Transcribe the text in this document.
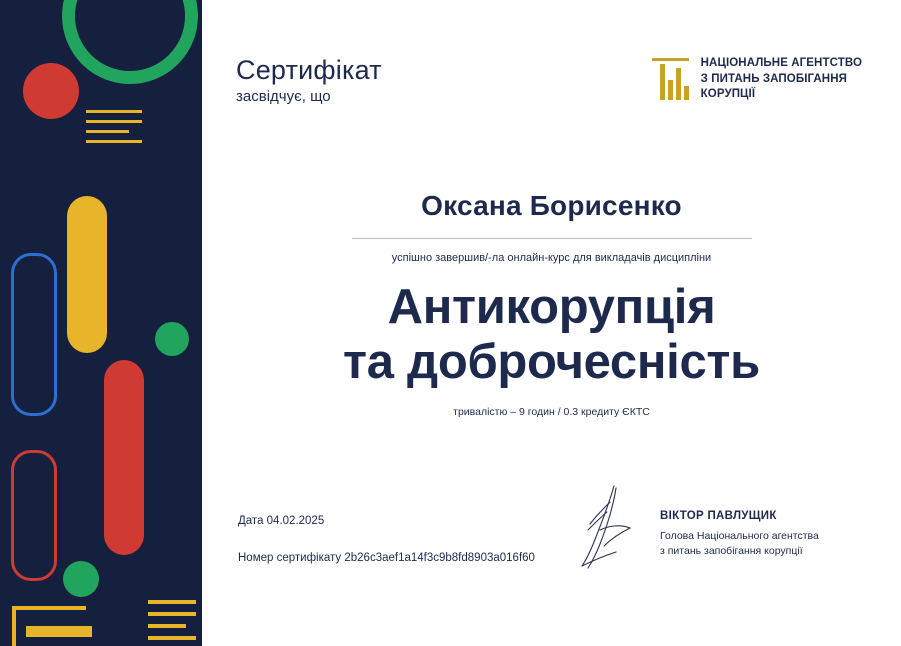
Сертифікат
засвідчує, що
НАЦІОНАЛЬНЕ АГЕНТСТВО
З ПИТАНЬ ЗАПОБІГАННЯ
КОРУПЦІЇ
Оксана Борисенко
успішно завершив/-ла онлайн-курс для викладачів дисципліни
Антикорупція
та доброчесність
тривалістю – 9 годин / 0.3 кредиту ЄКТС
Дата 04.02.2025
Номер сертифікату 2b26c3aef1a14f3c9b8fd8903a016f60
ВІКТОР ПАВЛУЩИК
Голова Національного агентства
з питань запобігання корупції
